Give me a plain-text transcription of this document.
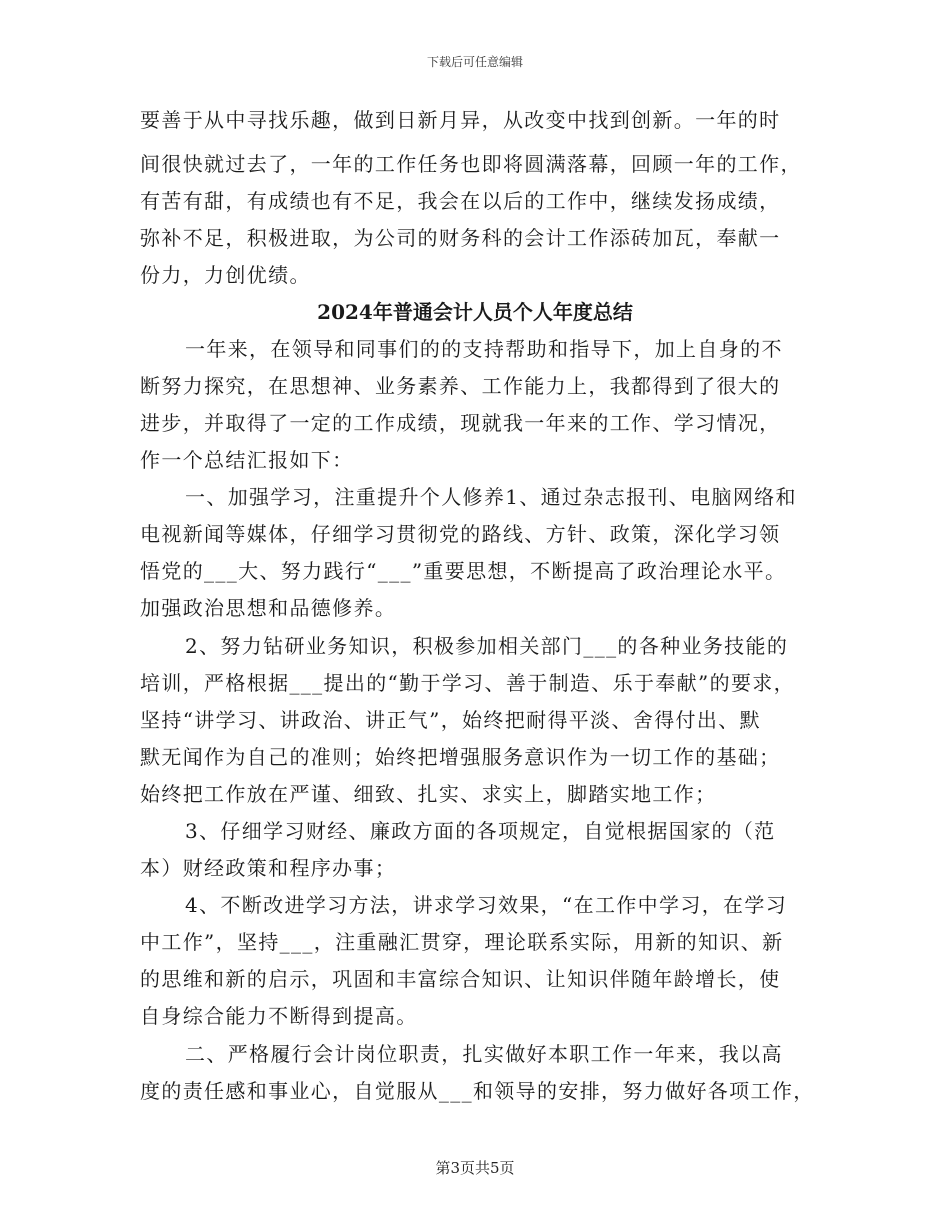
下载后可任意编辑
要善于从中寻找乐趣，做到日新月异，从改变中找到创新。一年的时
间很快就过去了，一年的工作任务也即将圆满落幕，回顾一年的工作，
有苦有甜，有成绩也有不足，我会在以后的工作中，继续发扬成绩，
弥补不足，积极进取，为公司的财务科的会计工作添砖加瓦，奉献一
份力，力创优绩。
2024年普通会计人员个人年度总结
一年来，在领导和同事们的的支持帮助和指导下，加上自身的不
断努力探究，在思想神、业务素养、工作能力上，我都得到了很大的
进步，并取得了一定的工作成绩，现就我一年来的工作、学习情况，
作一个总结汇报如下：
一、加强学习，注重提升个人修养1、通过杂志报刊、电脑网络和
电视新闻等媒体，仔细学习贯彻党的路线、方针、政策，深化学习领
悟党的___大、努力践行“___”重要思想，不断提高了政治理论水平。
加强政治思想和品德修养。
2、努力钻研业务知识，积极参加相关部门___的各种业务技能的
培训，严格根据___提出的“勤于学习、善于制造、乐于奉献”的要求，
坚持“讲学习、讲政治、讲正气”，始终把耐得平淡、舍得付出、默
默无闻作为自己的准则；始终把增强服务意识作为一切工作的基础；
始终把工作放在严谨、细致、扎实、求实上，脚踏实地工作；
3、仔细学习财经、廉政方面的各项规定，自觉根据国家的（范
本）财经政策和程序办事；
4、不断改进学习方法，讲求学习效果，“在工作中学习，在学习
中工作”，坚持___，注重融汇贯穿，理论联系实际，用新的知识、新
的思维和新的启示，巩固和丰富综合知识、让知识伴随年龄增长，使
自身综合能力不断得到提高。
二、严格履行会计岗位职责，扎实做好本职工作一年来，我以高
度的责任感和事业心，自觉服从___和领导的安排，努力做好各项工作，
第3页共5页
